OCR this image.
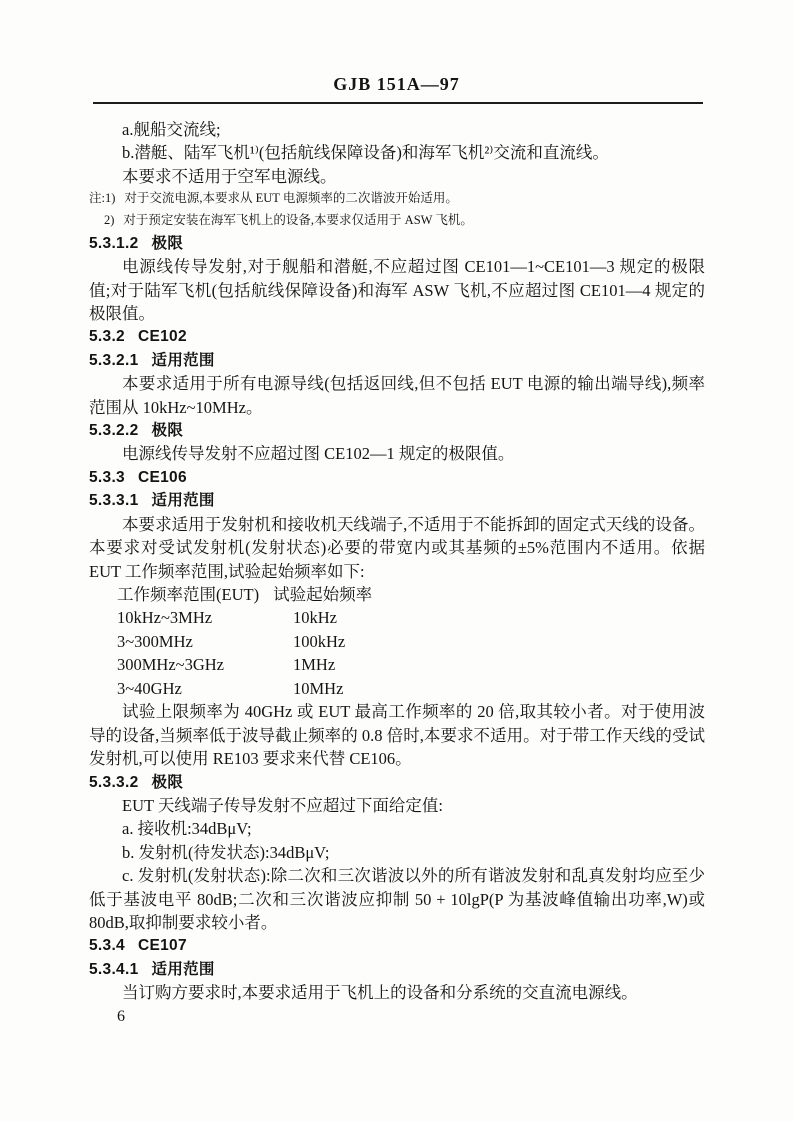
GJB 151A—97

a.舰船交流线;

b.潜艇、陆军飞机¹⁾(包括航线保障设备)和海军飞机²⁾交流和直流线。

本要求不适用于空军电源线。

注:1) 对于交流电源,本要求从 EUT 电源频率的二次谐波开始适用。
2) 对于预定安装在海军飞机上的设备,本要求仅适用于 ASW 飞机。
5.3.1.2 极限

电源线传导发射,对于舰船和潜艇,不应超过图 CE101—1~CE101—3 规定的极限值;对于陆军飞机(包括航线保障设备)和海军 ASW 飞机,不应超过图 CE101—4 规定的极限值。

5.3.2 CE102
5.3.2.1 适用范围

本要求适用于所有电源导线(包括返回线,但不包括 EUT 电源的输出端导线),频率范围从 10kHz~10MHz。

5.3.2.2 极限

电源线传导发射不应超过图 CE102—1 规定的极限值。

5.3.3 CE106
5.3.3.1 适用范围

本要求适用于发射机和接收机天线端子,不适用于不能拆卸的固定式天线的设备。本要求对受试发射机(发射状态)必要的带宽内或其基频的±5%范围内不适用。依据 EUT 工作频率范围,试验起始频率如下:

工作频率范围(EUT) 试验起始频率
10kHz~3MHz	10kHz
3~300MHz	100kHz
300MHz~3GHz	1MHz
3~40GHz	10MHz

试验上限频率为 40GHz 或 EUT 最高工作频率的 20 倍,取其较小者。对于使用波导的设备,当频率低于波导截止频率的 0.8 倍时,本要求不适用。对于带工作天线的受试发射机,可以使用 RE103 要求来代替 CE106。

5.3.3.2 极限

EUT 天线端子传导发射不应超过下面给定值:

a. 接收机:34dBμV;

b. 发射机(待发状态):34dBμV;

c. 发射机(发射状态):除二次和三次谐波以外的所有谐波发射和乱真发射均应至少低于基波电平 80dB;二次和三次谐波应抑制 50 + 10lgP(P 为基波峰值输出功率,W)或 80dB,取抑制要求较小者。

5.3.4 CE107
5.3.4.1 适用范围

当订购方要求时,本要求适用于飞机上的设备和分系统的交直流电源线。

6
